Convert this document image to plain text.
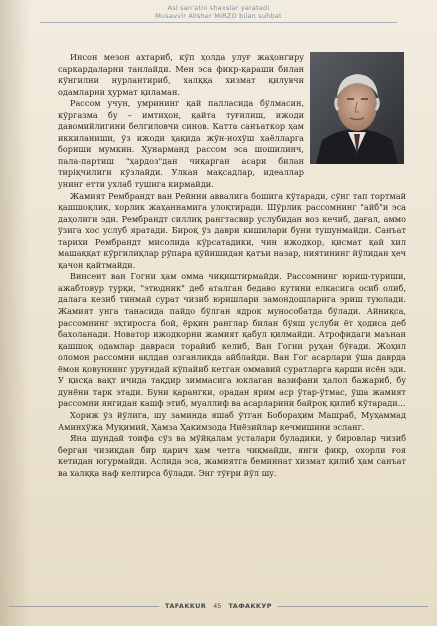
Asl san'atni shaxslar yaratadi
Musavvir Alisher MIRZO bilan suhbat

Инсон мезон ахтариб, кўп ҳолда улуғ жаҳонгиру саркардаларни танлайди. Мен эса фикр-қараши билан кўнгилни нурлантириб, халққа хизмат қилувчи одамларни ҳурмат қиламан.

Рассом учун, умрининг қай палласида бўлмасин, кўргазма бу – имтиҳон, қайта туғилиш, ижоди давомийлигини белгиловчи синов. Катта санъаткор ҳам иккиланиши, ўз ижоди ҳақида жўн-нохўш хаёлларга бориши мумкин. Ҳунарманд рассом эса шошилинч, пала-партиш "ҳардоз"дан чиқарган асари билан тиріқчилиги кўзлайди. Улкан мақсадлар, идеаллар унинг етти ухлаб тушига кирмайди.

Жамият Рембрандт ван Рейнни аввалига бошига кўтарaди, сўнг тап тортмай қашшоқлик, хорлик жаҳаннамига улоқтиради. Шўрлик рассомнинг "айб"и эса даҳолиги эди. Рембрандт силлиқ рангтасвир услубидан воз кечиб, дағал, аммо ўзига хос услуб яратади. Бироқ ўз даври кишилари буни тушунмайди. Санъат тарихи Рембрандт мисолида кўрсатадики, чин ижодкор, қисмат қай хил машаққат кўргилиқлар рўпара қўйишидан қатъи назар, ниятининг йўлидан ҳеч қачон қайтмайди.

Винсент ван Гогни ҳам омма чиқиштирмайди. Рассомнинг юриш-туриши, ажабтовур турқи, "этюдник" деб аталган бедаво кутини елкасига осиб олиб, далага кезиб тинмай сурат чизиб юришлари замондошларига эриш туюлади. Жамият унга танасида пайдо бўлган ядрок мунособатда бўлади. Айниқса, рассомнинг эҳтиросга бой, ёрқин ранглар билан бўяш услуби ёт ҳодиса деб бахоланади. Новатор ижодкорни жамият қабул қилмайди. Атрофидаги маънан қашшоқ одамлар давраси торайиб келиб, Ван Гогни руҳан бўғади. Жоҳил оломон рассомни ақлдан озганликда айблайди. Ван Гог асарлари ўша даврда ёмон қовуннинг уруғидай кўпайиб кетган оммавий суратларга қарши исён эди. У қисқа вақт ичида тақдир зиммасига юклаган вазифани ҳалол бажариб, бу дунёни тарк этади. Буни қарангки, орадан ярим аср ўтар-ўтмас, ўша жамият рассомни янгидан кашф этиб, муаллиф ва асарларини байроқ қилиб кўтаради...

Хориж ўз йўлига, шу заминда яшаб ўтган Бобораҳим Машраб, Муҳаммад Аминхўжа Муқимий, Ҳамза Ҳакимзода Ниёзийлар кечмишини эсланг.

Яна шундай тоифа сўз ва мўйқалам усталари буладики, у бировлар чизиб берган чизиқдан бир қарич ҳам четга чиқмайди, янги фикр, охорли ғоя кетидан югурмайди. Аслида эса, жамиятга беминнат хизмат қилиб ҳам санъат ва халққа наф келтирса бўлади. Энг тўғри йўл шу.

TAFAKKUR 45 TAФAKKУP
